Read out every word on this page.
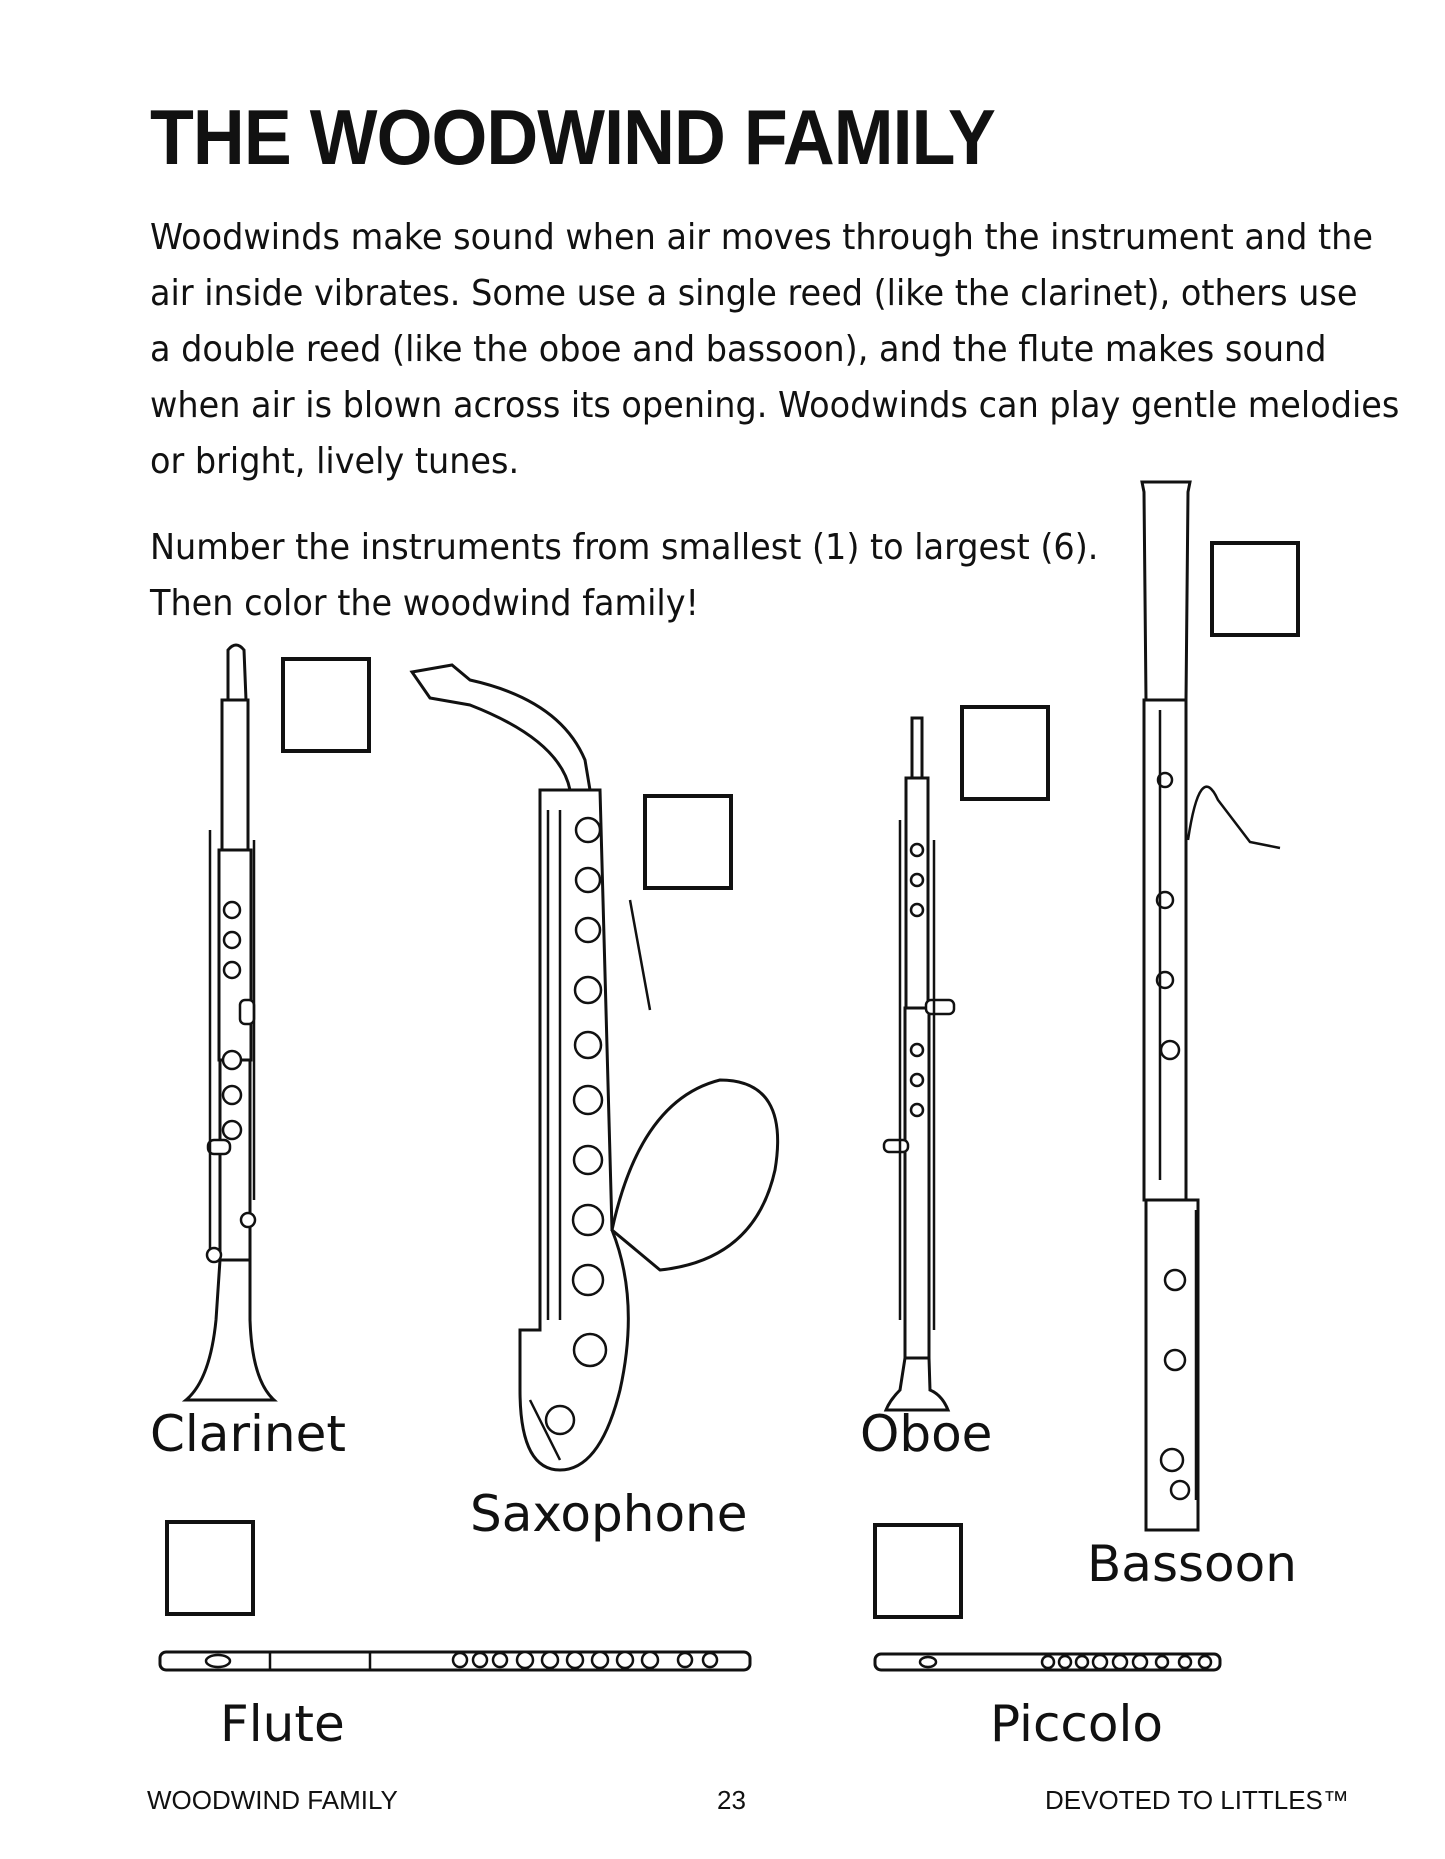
THE WOODWIND FAMILY
Woodwinds make sound when air moves through the instrument and the
air inside vibrates. Some use a single reed (like the clarinet), others use
a double reed (like the oboe and bassoon), and the flute makes sound
when air is blown across its opening. Woodwinds can play gentle melodies
or bright, lively tunes.
Number the instruments from smallest (1) to largest (6).
Then color the woodwind family!
Clarinet
Saxophone
Oboe
Bassoon
Flute	Piccolo
WOODWIND FAMILY	23	DEVOTED TO LITTLES™
